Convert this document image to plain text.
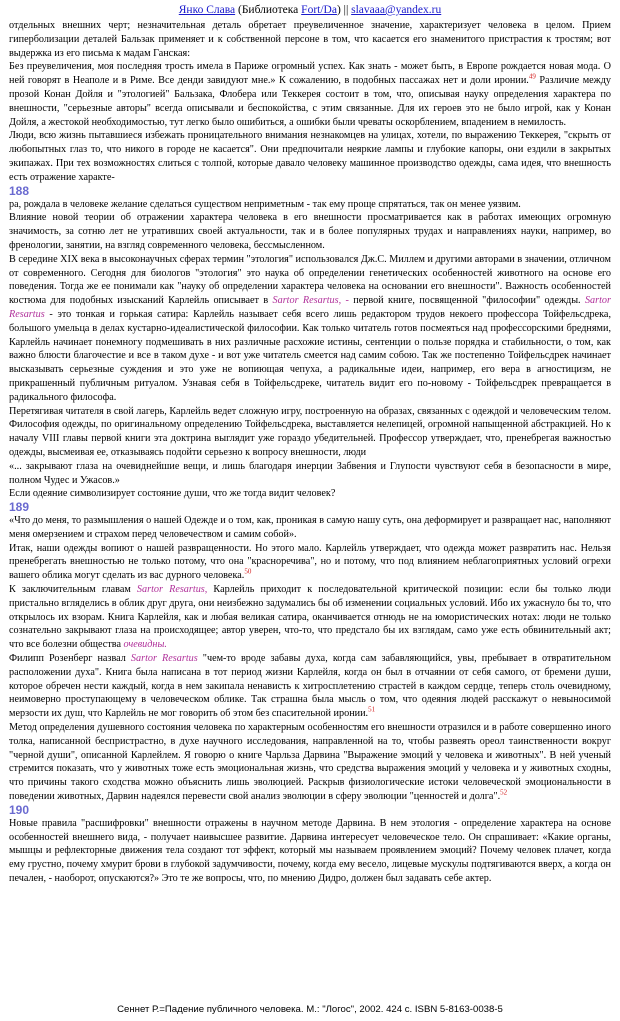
Янко Слава (Библиотека Fort/Da) || slavaaa@yandex.ru

отдельных внешних черт; незначительная деталь обретает преувеличенное значение, характеризует человека в целом. Прием гиперболизации деталей Бальзак применяет и к собственной персоне в том, что касается его знаменитого пристрастия к тростям; вот выдержка из его письма к мадам Ганская:

Без преувеличения, моя последняя трость имела в Париже огромный успех. Как знать - может быть, в Европе рождается новая мода. О ней говорят в Неаполе и в Риме. Все денди завидуют мне.» К сожалению, в подобных пассажах нет и доли иронии.$^{49}$ Различие между прозой Конан Дойля и "этологией" Бальзака, Флобера или Теккерея состоит в том, что, описывая науку определения характера по внешности, "серьезные авторы" всегда описывали и беспокойства, с этим связанные. Для их героев это не было игрой, как у Конан Дойля, а жестокой необходимостью, тут легко было ошибиться, а ошибки были чреваты оскорблением, впадением в немилость.

Люди, всю жизнь пытавшиеся избежать проницательного внимания незнакомцев на улицах, хотели, по выражению Теккерея, "скрыть от любопытных глаз то, что никого в городе не касается". Они предпочитали неяркие лампы и глубокие капоры, они ездили в закрытых экипажах. При тех возможностях слиться с толпой, которые давало человеку машинное производство одежды, сама идея, что внешность есть отражение характе-

188

ра, рождала в человеке желание сделаться существом неприметным - так ему проще спрятаться, так он менее уязвим.

Влияние новой теории об отражении характера человека в его внешности просматривается как в работах имеющих огромную значимость, за сотню лет не утративших своей актуальности, так и в более популярных трудах и направлениях науки, например, во френологии, занятии, на взгляд современного человека, бессмысленном.

В середине XIX века в высоконаучных сферах термин "этология" использовался Дж.С. Миллем и другими авторами в значении, отличном от современного. Сегодня для биологов "этология" это наука об определении генетических особенностей животного на основе его поведения. Тогда же ее понимали как "науку об определении характера человека на основании его внешности". Важность особенностей костюма для подобных изысканий Карлейль описывает в Sartor Resartus, - первой книге, посвященной "философии" одежды. Sartor Resartus - это тонкая и горькая сатира: Карлейль называет себя всего лишь редактором трудов некоего профессора Тойфельсдрека, большого умельца в делах кустарно-идеалистической философии. Как только читатель готов посмеяться над профессорскими бреднями, Карлейль начинает понемногу подмешивать в них различные расхожие истины, сентенции о пользе порядка и стабильности, о том, как важно блюсти благочестие и все в таком духе - и вот уже читатель смеется над самим собою. Так же постепенно Тойфельсдрек начинает высказывать серьезные суждения и это уже не вопиющая чепуха, а радикальные идеи, например, его вера в агностицизм, не прикрашенный публичным ритуалом. Узнавая себя в Тойфельсдреке, читатель видит его по-новому - Тойфельсдрек превращается в радикального философа.

Перетягивая читателя в свой лагерь, Карлейль ведет сложную игру, построенную на образах, связанных с одеждой и человеческим телом. Философия одежды, по оригинальному определению Тойфельсдрека, выставляется нелепицей, огромной напыщенной абстракцией. Но к началу VIII главы первой книги эта доктрина выглядит уже гораздо убедительней. Профессор утверждает, что, пренебрегая важностью одежды, высмеивая ее, отказываясь подойти серьезно к вопросу внешности, люди

«... закрывают глаза на очевиднейшие вещи, и лишь благодаря инерции Забвения и Глупости чувствуют себя в безопасности в мире, полном Чудес и Ужасов.»

Если одеяние символизирует состояние души, что же тогда видит человек?

189

«Что до меня, то размышления о нашей Одежде и о том, как, проникая в самую нашу суть, она деформирует и развращает нас, наполняют меня омерзением и страхом перед человечеством и самим собой».

Итак, наши одежды вопиют о нашей развращенности. Но этого мало. Карлейль утверждает, что одежда может развратить нас. Нельзя пренебрегать внешностью не только потому, что она "красноречива", но и потому, что под влиянием неблагоприятных условий огрехи вашего облика могут сделать из вас дурного человека.$^{50}$

К заключительным главам Sartor Resartus, Карлейль приходит к последовательной критической позиции: если бы только люди пристально вгляделись в облик друг друга, они неизбежно задумались бы об изменении социальных условий. Ибо их ужаснуло бы то, что открылось их взорам. Книга Карлейля, как и любая великая сатира, оканчивается отнюдь не на юмористических нотах: люди не только сознательно закрывают глаза на происходящее; автор уверен, что-то, что предстало бы их взглядам, само уже есть обвинительный акт; что все болезни общества очевидны.

Филипп Розенберг назвал Sartor Resartus "чем-то вроде забавы духа, когда сам забавляющийся, увы, пребывает в отвратительном расположении духа". Книга была написана в тот период жизни Карлейля, когда он был в отчаянии от себя самого, от бремени души, которое обречен нести каждый, когда в нем закипала ненависть к хитросплетению страстей в каждом сердце, теперь столь очевидному, неимоверно проступающему в человеческом облике. Так страшна была мысль о том, что одеяния людей расскажут о невыносимой мерзости их душ, что Карлейль не мог говорить об этом без спасительной иронии.$^{51}$

Метод определения душевного состояния человека по характерным особенностям его внешности отразился и в работе совершенно иного толка, написанной беспристрастно, в духе научного исследования, направленной на то, чтобы развеять ореол таинственности вокруг "черной души", описанной Карлейлем. Я говорю о книге Чарльза Дарвина "Выражение эмоций у человека и животных". В ней ученый стремится показать, что у животных тоже есть эмоциональная жизнь, что средства выражения эмоций у человека и у животных сходны, что причины такого сходства можно объяснить лишь эволюцией. Раскрыв физиологические истоки человеческой эмоциональности в поведении животных, Дарвин надеялся перевести свой анализ эволюции в сферу эволюции "ценностей и долга".$^{52}$

190

Новые правила "расшифровки" внешности отражены в научном методе Дарвина. В нем этология - определение характера на основе особенностей внешнего вида, - получает наивысшее развитие. Дарвина интересует человеческое тело. Он спрашивает: «Какие органы, мышцы и рефлекторные движения тела создают тот эффект, который мы называем проявлением эмоций? Почему человек плачет, когда ему грустно, почему хмурит брови в глубокой задумчивости, почему, когда ему весело, лицевые мускулы подтягиваются вверх, а когда он печален, - наоборот, опускаются?» Это те же вопросы, что, по мнению Дидро, должен был задавать себе актер.

Сеннет Р.=Падение публичного человека. М.: "Логос", 2002. 424 с. ISBN 5-8163-0038-5
